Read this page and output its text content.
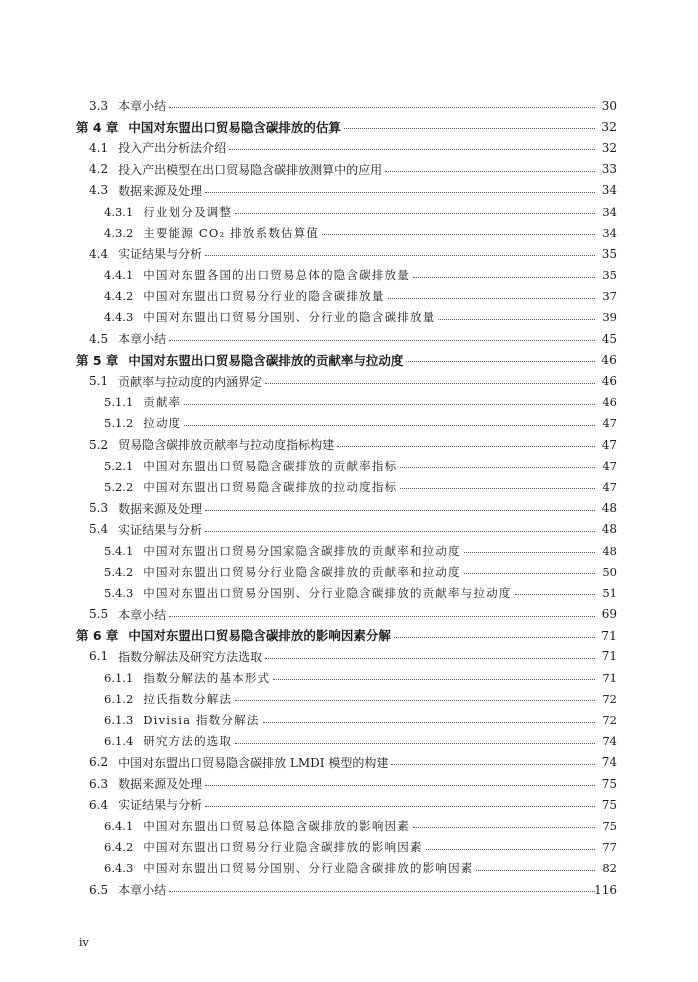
3.3 本章小结	30
第 4 章 中国对东盟出口贸易隐含碳排放的估算	32
4.1 投入产出分析法介绍	32
4.2 投入产出模型在出口贸易隐含碳排放测算中的应用	33
4.3 数据来源及处理	34
4.3.1 行业划分及调整	34
4.3.2 主要能源 CO₂ 排放系数估算值	34
4.4 实证结果与分析	35
4.4.1 中国对东盟各国的出口贸易总体的隐含碳排放量	35
4.4.2 中国对东盟出口贸易分行业的隐含碳排放量	37
4.4.3 中国对东盟出口贸易分国别、分行业的隐含碳排放量	39
4.5 本章小结	45
第 5 章 中国对东盟出口贸易隐含碳排放的贡献率与拉动度	46
5.1 贡献率与拉动度的内涵界定	46
5.1.1 贡献率	46
5.1.2 拉动度	47
5.2 贸易隐含碳排放贡献率与拉动度指标构建	47
5.2.1 中国对东盟出口贸易隐含碳排放的贡献率指标	47
5.2.2 中国对东盟出口贸易隐含碳排放的拉动度指标	47
5.3 数据来源及处理	48
5.4 实证结果与分析	48
5.4.1 中国对东盟出口贸易分国家隐含碳排放的贡献率和拉动度	48
5.4.2 中国对东盟出口贸易分行业隐含碳排放的贡献率和拉动度	50
5.4.3 中国对东盟出口贸易分国别、分行业隐含碳排放的贡献率与拉动度	51
5.5 本章小结	69
第 6 章 中国对东盟出口贸易隐含碳排放的影响因素分解	71
6.1 指数分解法及研究方法选取	71
6.1.1 指数分解法的基本形式	71
6.1.2 拉氏指数分解法	72
6.1.3 Divisia 指数分解法	72
6.1.4 研究方法的选取	74
6.2 中国对东盟出口贸易隐含碳排放 LMDI 模型的构建	74
6.3 数据来源及处理	75
6.4 实证结果与分析	75
6.4.1 中国对东盟出口贸易总体隐含碳排放的影响因素	75
6.4.2 中国对东盟出口贸易分行业隐含碳排放的影响因素	77
6.4.3 中国对东盟出口贸易分国别、分行业隐含碳排放的影响因素	82
6.5 本章小结	116
iv
